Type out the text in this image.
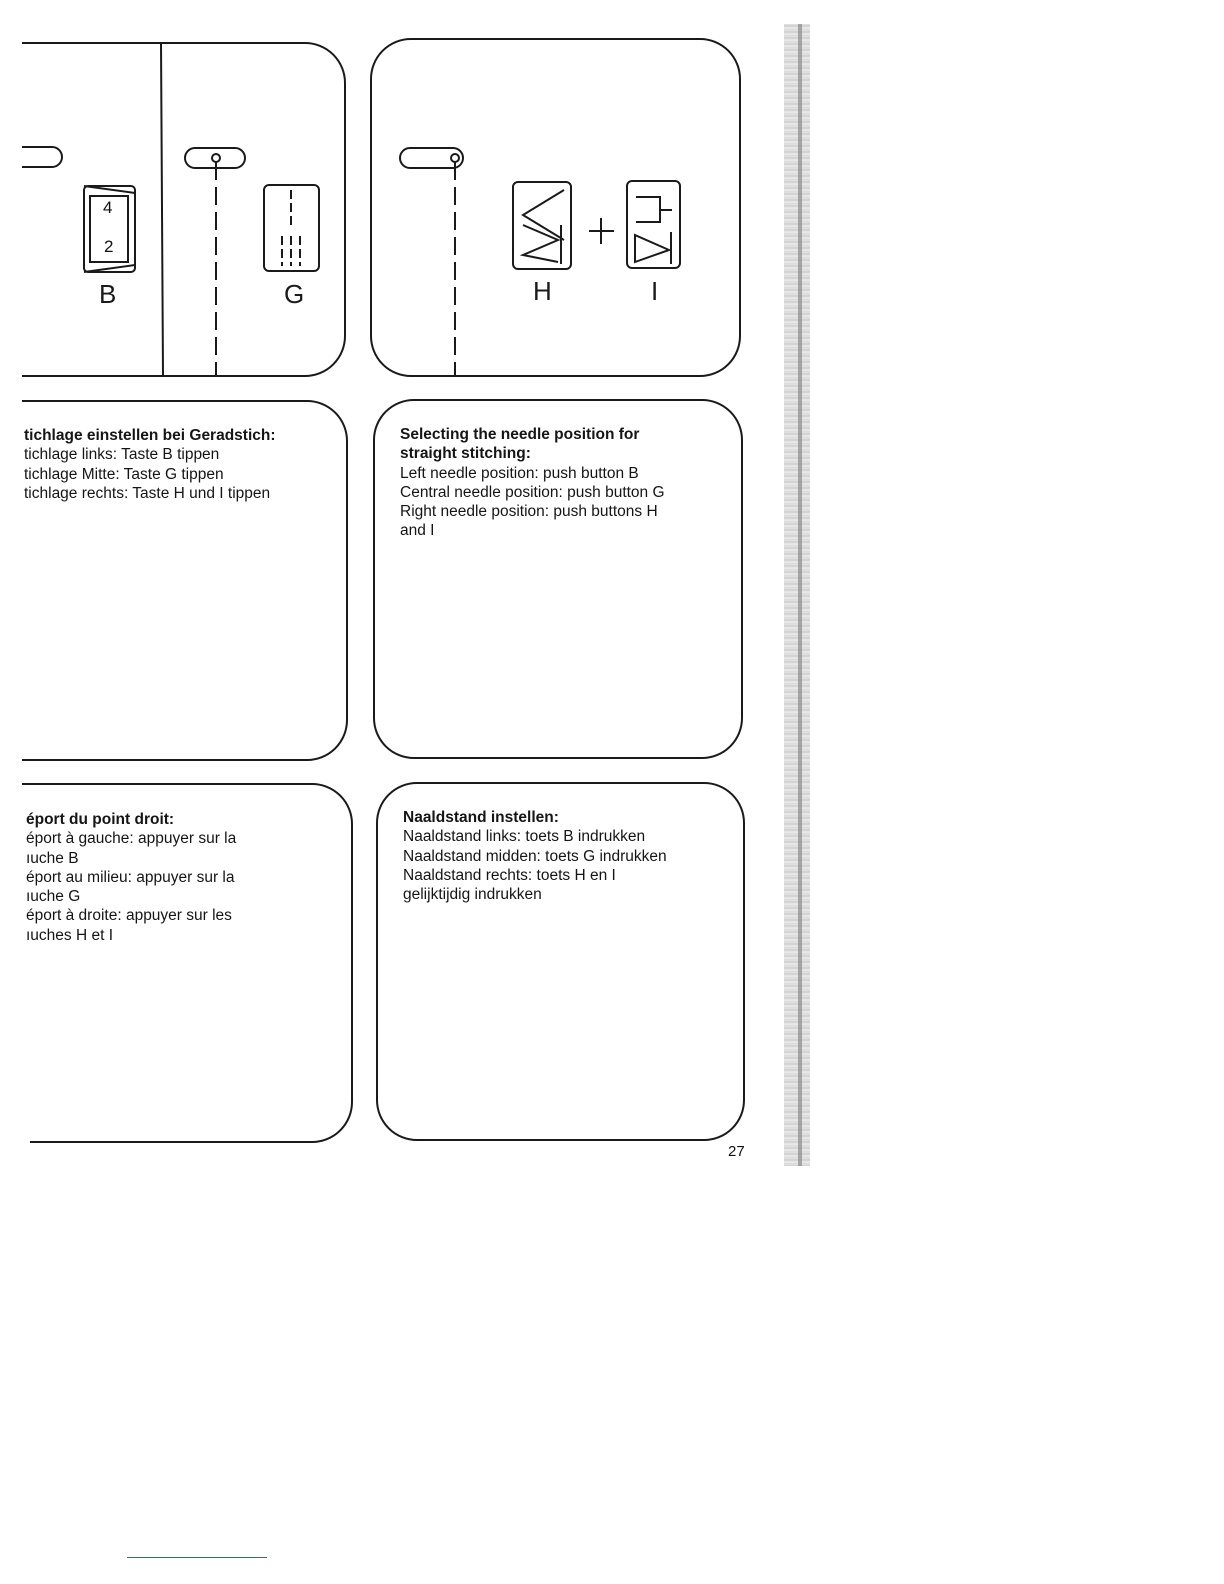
4
2
B	G	H	I
tichlage einstellen bei Geradstich:
tichlage links: Taste B tippen
tichlage Mitte: Taste G tippen
tichlage rechts: Taste H und I tippen
Selecting the needle position for
straight stitching:
Left needle position: push button B
Central needle position: push button G
Right needle position: push buttons H
and I
éport du point droit:
éport à gauche: appuyer sur la
ıuche B
éport au milieu: appuyer sur la
ıuche G
éport à droite: appuyer sur les
ıuches H et I
Naaldstand instellen:
Naaldstand links: toets B indrukken
Naaldstand midden: toets G indrukken
Naaldstand rechts: toets H en I
gelijktijdig indrukken
27
